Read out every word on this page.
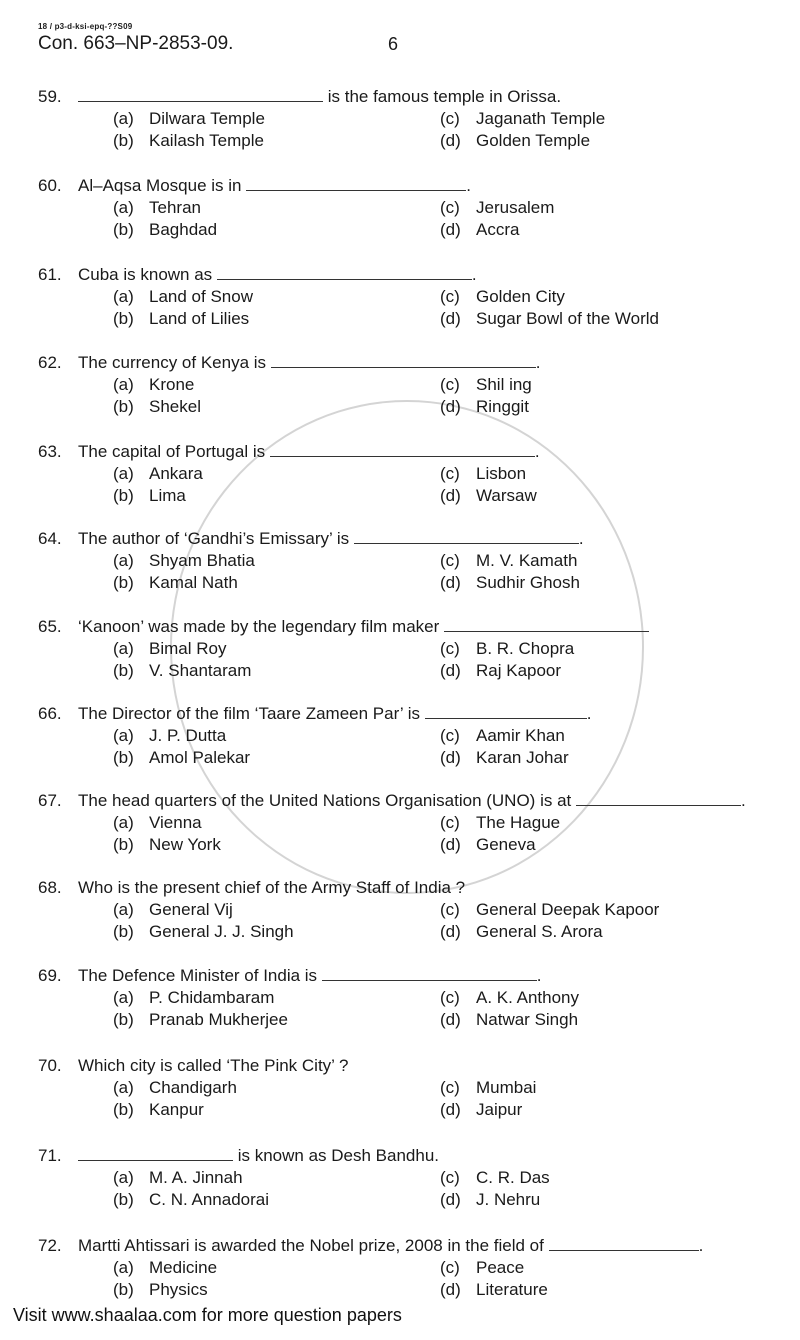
18 / p3-d-ksi-epq-??S09
Con. 663–NP-2853-09.	6
59.	is the famous temple in Orissa.
(a) Dilwara Temple
(b) Kailash Temple
(c) Jaganath Temple
(d) Golden Temple
60. Al–Aqsa Mosque is in	.
(a) Tehran
(b) Baghdad
(c) Jerusalem
(d) Accra
61. Cuba is known as	.
(a) Land of Snow
(b) Land of Lilies
(c) Golden City
(d) Sugar Bowl of the World
62. The currency of Kenya is	.
(a) Krone
(b) Shekel
(c) Shil ing
(d) Ringgit
63. The capital of Portugal is	.
(a) Ankara
(b) Lima
(c) Lisbon
(d) Warsaw
64. The author of ‘Gandhi’s Emissary’ is	.
(a) Shyam Bhatia
(b) Kamal Nath
(c) M. V. Kamath
(d) Sudhir Ghosh
65. ‘Kanoon’ was made by the legendary film maker
(a) Bimal Roy
(b) V. Shantaram
(c) B. R. Chopra
(d) Raj Kapoor
66. The Director of the film ‘Taare Zameen Par’ is	.
(a) J. P. Dutta
(b) Amol Palekar
(c) Aamir Khan
(d) Karan Johar
67. The head quarters of the United Nations Organisation (UNO) is at	.
(a) Vienna
(b) New York
(c) The Hague
(d) Geneva
68. Who is the present chief of the Army Staff of India ?
(a) General Vij
(b) General J. J. Singh
(c) General Deepak Kapoor
(d) General S. Arora
69. The Defence Minister of India is	.
(a) P. Chidambaram
(b) Pranab Mukherjee
(c) A. K. Anthony
(d) Natwar Singh
70. Which city is called ‘The Pink City’ ?
(a) Chandigarh
(b) Kanpur
(c) Mumbai
(d) Jaipur
71.	is known as Desh Bandhu.
(a) M. A. Jinnah
(b) C. N. Annadorai
(c) C. R. Das
(d) J. Nehru
72. Martti Ahtissari is awarded the Nobel prize, 2008 in the field of	.
(a) Medicine
(b) Physics
(c) Peace
(d) Literature
Visit www.shaalaa.com for more question papers
